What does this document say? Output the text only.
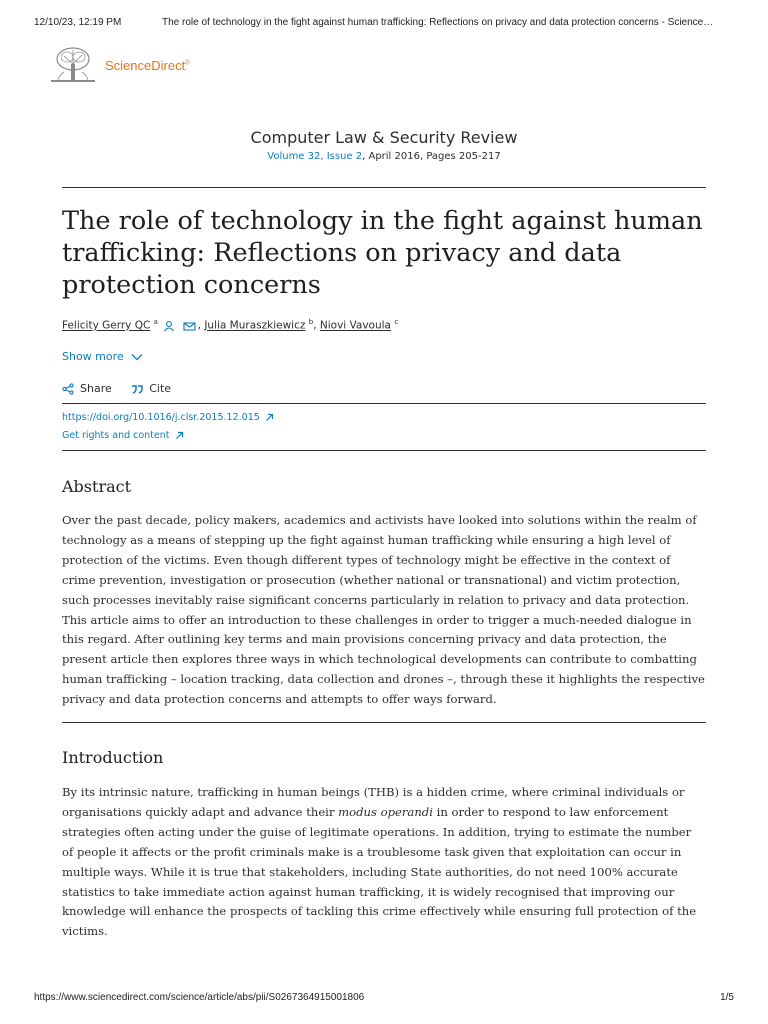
12/10/23, 12:19 PM	The role of technology in the fight against human trafficking: Reflections on privacy and data protection concerns - Science…
ScienceDirect®
Computer Law & Security Review
Volume 32, Issue 2, April 2016, Pages 205-217
The role of technology in the fight against human trafficking: Reflections on privacy and data protection concerns
Felicity Gerry QC $^a$	, Julia Muraszkiewicz $^b$, Niovi Vavoula $^c$
Show more
Share	Cite
https://doi.org/10.1016/j.clsr.2015.12.015
Get rights and content
Abstract

Over the past decade, policy makers, academics and activists have looked into solutions within the realm of technology as a means of stepping up the fight against human trafficking while ensuring a high level of protection of the victims. Even though different types of technology might be effective in the context of crime prevention, investigation or prosecution (whether national or transnational) and victim protection, such processes inevitably raise significant concerns particularly in relation to privacy and data protection. This article aims to offer an introduction to these challenges in order to trigger a much-needed dialogue in this regard. After outlining key terms and main provisions concerning privacy and data protection, the present article then explores three ways in which technological developments can contribute to combatting human trafficking – location tracking, data collection and drones –, through these it highlights the respective privacy and data protection concerns and attempts to offer ways forward.

Introduction

By its intrinsic nature, trafficking in human beings (THB) is a hidden crime, where criminal individuals or organisations quickly adapt and advance their modus operandi in order to respond to law enforcement strategies often acting under the guise of legitimate operations. In addition, trying to estimate the number of people it affects or the profit criminals make is a troublesome task given that exploitation can occur in multiple ways. While it is true that stakeholders, including State authorities, do not need 100% accurate statistics to take immediate action against human trafficking, it is widely recognised that improving our knowledge will enhance the prospects of tackling this crime effectively while ensuring full protection of the victims.

https://www.sciencedirect.com/science/article/abs/pii/S0267364915001806	1/5
